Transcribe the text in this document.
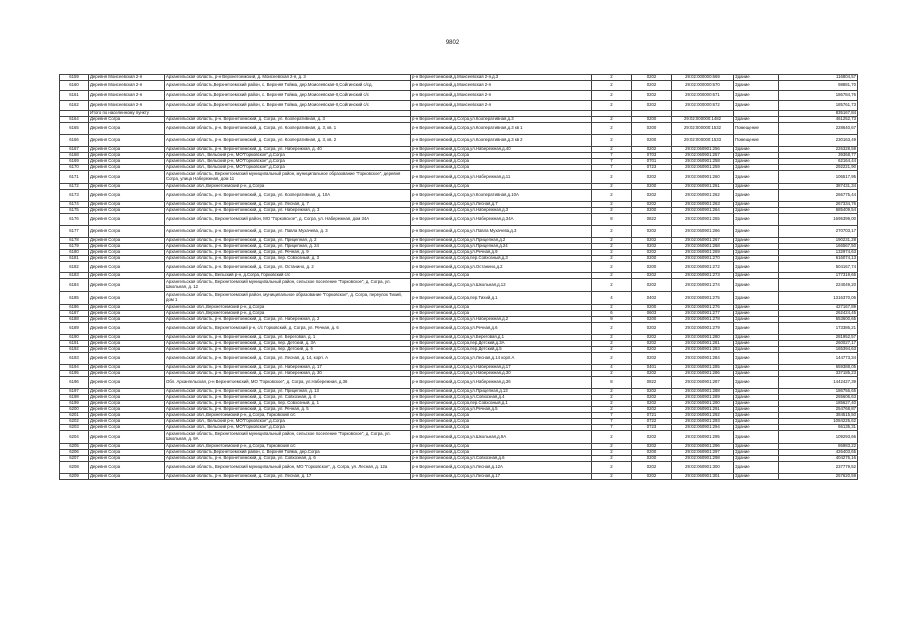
9802
6159	Деревня Моисеевская 2-я	Архангельская область, р-н Верхнетоемский, д. Моисеевская 2-я, д. 3	р-н Верхнетоемский,д.Моисеевская 2-я,д.3	2	0202	29:02:000000:669	Здание	116804,57
6160	Деревня Моисеевская 2-я	Архангельская область,Верхнетоемский район, с. Верхняя Тойма, дер.Моисеевская-II,Сойгинский с/сд.	р-н Верхнетоемский,д.Моисеевская 2-я	2	0202	29:02:000000:670	Здание	98881,70
6161	Деревня Моисеевская 2-я	Архангельская область,Верхнетоемский район, с. Верхняя Тойма, дер.Моисеевская-II,Сойгинский с/с	р-н Верхнетоемский,д.Моисеевская 2-я	2	0202	29:02:000000:671	Здание	186784,76
6162	Деревня Моисеевская 2-я	Архангельская область,Верхнетоемский район, с. Верхняя Тойма, дер.Моисеевская-II,Сойгинский с/с	р-н Верхнетоемский,д.Моисеевская 2-я	2	0202	29:02:000000:672	Здание	185761,73
	Итого по населенному пункту							835167,84
6164	Деревня Согра	Архангельская область, р-н. Верхнетоемский, д. Согра, ул. Кооперативная, д. 3	р-н Верхнетоемский,д.Согра,ул.Кооперативная,д.3	2	0200	29:02:000000:1482	Здание	461252,73
6165	Деревня Согра	Архангельская область, р-н. Верхнетоемский, д. Согра, ул. Кооперативная, д. 3, кв. 1	р-н Верхнетоемский,д.Согра,ул.Кооперативная,д.3 кв 1	2	0200	29:02:000000:1532	Помещение	228640,67
6166	Деревня Согра	Архангельская область, р-н. Верхнетоемский, д. Согра, ул. Кооперативная, д. 3, кв. 2	р-н Верхнетоемский,д.Согра,ул.Кооперативная,д.3 кв 2	2	0200	29:02:000000:1533	Помещение	230163,49
6167	Деревня Согра	Архангельская область, р-н. Верхнетоемский, д. Согра, ул. Набережная, д. 40	р-н Верхнетоемский,д.Согра,ул.Набережная,д.40	2	0202	29:02:060901:256	Здание	226328,59
6168	Деревня Согра	Архангельская обл., Вельский р-н, МО"Горковское",д.Согра	р-н Верхнетоемский,д.Согра	7	0703	29:02:060901:257	Здание	39368,77
6169	Деревня Согра	Архангельская обл., Вельский р-н, МО"Горковское",д.Согра	р-н Верхнетоемский,д.Согра	7	0701	29:02:060901:258	Здание	62164,44
6170	Деревня Согра	Архангельская обл., Вельский р-н, МО"Горковское",д.Согра	р-н Верхнетоемский,д.Согра	7	0723	29:02:060901:259	Здание	292221,90
6171	Деревня Согра	Архангельская область, Верхнетоемский муниципальный район, муниципальное образование "Горковское", деревня Согра, улица Набережная, дом 11	р-н Верхнетоемский,д.Согра,ул.Набережная,д.11	2	0202	29:02:060901:260	Здание	106517,95
6172	Деревня Согра	Архангельская обл.,Верхнетоемский р-н, д.Согра	р-н Верхнетоемский,д.Согра	2	0200	29:02:060901:261	Здание	387431,34
6173	Деревня Согра	Архангельская область, р-н. Верхнетоемский, д. Согра, ул. Кооперативная, д. 10А	р-н Верхнетоемский,д.Согра,ул.Кооперативная,д.10А	2	0202	29:02:060901:262	Здание	266775,44
6174	Деревня Согра	Архангельская область, р-н. Верхнетоемский, д. Согра, ул. Лесная, д. 7	р-н Верхнетоемский,д.Согра,ул.Лесная,д.7	2	0202	29:02:060901:263	Здание	267334,76
6175	Деревня Согра	Архангельская область, р-н. Верхнетоемский, д. Согра, ул. Набережная, д. 3	р-н Верхнетоемский,д.Согра,ул.Набережная,д.3	2	0200	29:02:060901:264	Здание	685409,54
6176	Деревня Согра	Архангельская область, Верхнетоемский район, МО "Горковское", д. Согра, ул. Набережная, дом 34А	р-н Верхнетоемский,д.Согра,ул.Набережная,д.34А	8	0822	29:02:060901:265	Здание	1695399,00
6177	Деревня Согра	Архангельская область, р-н. Верхнетоемский, д. Согра, ул. Павла Мухачева, д. 3	р-н Верхнетоемский,д.Согра,ул.Павла Мухачева,д.3	2	0202	29:02:060901:266	Здание	270703,17
6178	Деревня Согра	Архангельская область, р-н. Верхнетоемский, д. Согра, ул. Прицепная, д. 2	р-н Верхнетоемский,д.Согра,ул.Прицепная,д.2	2	0202	29:02:060901:267	Здание	190231,28
6179	Деревня Согра	Архангельская область, р-н. Верхнетоемский, д. Согра, ул. Прицепная, д. 24	р-н Верхнетоемский,д.Согра,ул.Прицепная,д.24	2	0202	29:02:060901:268	Здание	166567,50
6180	Деревня Согра	Архангельская область, р-н. Верхнетоемский, д. Согра, ул. Речная, д. 9	р-н Верхнетоемский,д.Согра,ул.Речная,д.9	2	0202	29:02:060901:269	Здание	132974,63
6181	Деревня Согра	Архангельская область, р-н. Верхнетоемский, д. Согра, пер. Совхозный, д. 3	р-н Верхнетоемский,д.Согра,пер.Совхозный,д.3	2	0200	29:02:060901:270	Здание	616074,13
6182	Деревня Согра	Архангельская область, р-н. Верхнетоемский, д. Согра, ул. Останино, д. 2	р-н Верхнетоемский,д.Согра,ул.Останино,д.2	2	0200	29:02:060901:272	Здание	504167,74
6183	Деревня Согра	Архангельская область, Вельский р-н, д.Согра, Горковский с/с	р-н Верхнетоемский,д.Согра	2	0202	29:02:060901:273	Здание	177319,65
6184	Деревня Согра	Архангельская область, Верхнетоемский муниципальный район, сельское поселение "Горковское", д. Согра, ул. Школьная, д. 12	р-н Верхнетоемский,д.Согра,ул.Школьная,д.12	2	0202	29:02:060901:274	Здание	224049,20
6185	Деревня Согра	Архангельская область, Верхнетоемский район, муниципальное образование "Горковское", д. Согра, переулок Тихий, дом 1	р-н Верхнетоемский,д.Согра,пер.Тихий,д.1	4	0402	29:02:060901:275	Здание	1316370,06
6186	Деревня Согра	Архангельская обл.,Верхнетоемский р-н, д.Согра	р-н Верхнетоемский,д.Согра	2	0200	29:02:060901:276	Здание	427167,89
6187	Деревня Согра	Архангельская обл.,Верхнетоемский р-н, д.Согра	р-н Верхнетоемский,д.Согра	6	0603	29:02:060901:277	Здание	262424,45
6188	Деревня Согра	Архангельская область, р-н. Верхнетоемский, д. Согра, ул. Набережная, д. 2	р-н Верхнетоемский,д.Согра,ул.Набережная,д.2	9	0200	29:02:060901:278	Здание	653600,65
6189	Деревня Согра	Архангельская область, Верхнетоемский р-н, с/с Горковский, д. Согра, ул. Речная, д. 6	р-н Верхнетоемский,д.Согра,ул.Речная,д.6	2	0202	29:02:060901:279	Здание	173386,21
6190	Деревня Согра	Архангельская область, р-н. Верхнетоемский, д. Согра, ул. Береговая, д. 1	р-н Верхнетоемский,д.Согра,ул.Береговая,д.1	2	0202	29:02:060901:280	Здание	281952,57
6191	Деревня Согра	Архангельская область, р-н. Верхнетоемский, д. Согра, пер. Детский, д. 3А	р-н Верхнетоемский,д.Согра,пер.Детский,д.3А	2	0202	29:02:060901:281	Здание	260027,17
6192	Деревня Согра	Архангельская область, р-н. Верхнетоемский, д. Согра, пер. Детский, д. 5	р-н Верхнетоемский,д.Согра,пер.Детский,д.5	2	0202	29:02:060901:283	Здание	165394,63
6193	Деревня Согра	Архангельская область, р-н. Верхнетоемский, д. Согра, ул. Лесная, д. 14, корп. А	р-н Верхнетоемский,д.Согра,ул.Лесная,д.14 корп.А	2	0202	29:02:060901:284	Здание	144773,34
6194	Деревня Согра	Архангельская область, р-н. Верхнетоемский, д. Согра, ул. Набережная, д. 17	р-н Верхнетоемский,д.Согра,ул.Набережная,д.17	4	0401	29:02:060901:285	Здание	659388,05
6195	Деревня Согра	Архангельская область, р-н. Верхнетоемский, д. Согра, ул. Набережная, д. 30	р-н Верхнетоемский,д.Согра,ул.Набережная,д.30	2	0202	29:02:060901:286	Здание	337185,23
6196	Деревня Согра	Обл. Архангельская, р-н Верхнетоемский, МО "Горковское", д. Согра, ул.Набережная, д.36	р-н Верхнетоемский,д.Согра,ул.Набережная,д.36	8	0822	29:02:060901:287	Здание	1442427,39
6197	Деревня Согра	Архангельская область, р-н. Верхнетоемский, д. Согра, ул. Прицепная, д. 13	р-н Верхнетоемский,д.Согра,ул.Прицепная,д.13	2	0202	29:02:060901:288	Здание	186756,65
6198	Деревня Согра	Архангельская область, р-н. Верхнетоемский, д. Согра, ул. Совхозная, д. 4	р-н Верхнетоемский,д.Согра,ул.Совхозная,д.4	2	0202	29:02:060901:289	Здание	265606,63
6199	Деревня Согра	Архангельская область, р-н. Верхнетоемский, д. Согра, пер. Совхозный, д. 1	р-н Верхнетоемский,д.Согра,пер.Совхозный,д.1	2	0202	29:02:060901:290	Здание	185627,40
6200	Деревня Согра	Архангельская область, р-н. Верхнетоемский, д. Согра, ул. Речная, д. 5	р-н Верхнетоемский,д.Согра,ул.Речная,д.5	2	0202	29:02:060901:291	Здание	254768,87
6201	Деревня Согра	Архангельская обл.,Верхнетоемский р-н, д.Согра, Горковский с/с	р-н Верхнетоемский,д.Согра	7	0721	29:02:060901:292	Здание	384515,50
6202	Деревня Согра	Архангельская обл., Вельский р-н, МО"Горковское",д.Согра	р-н Верхнетоемский,д.Согра	7	0722	29:02:060901:293	Здание	1084225,62
6203	Деревня Согра	Архангельская обл., Вельский р-н, МО"Горковское",д.Согра	р-н Верхнетоемский,д.Согра	7	0723	29:02:060901:294	Здание	66135,31
6204	Деревня Согра	Архангельская область, Верхнетоемский муниципальный район, сельское поселение "Горковское", д. Согра, ул. Школьная, д. 9А	р-н Верхнетоемский,д.Согра,ул.Школьная,д.9А	2	0202	29:02:060901:295	Здание	109293,66
6205	Деревня Согра	Архангельская обл.,Верхнетоемский р-н, д.Согра, Горковский с/с	р-н Верхнетоемский,д.Согра	2	0202	29:02:060901:296	Здание	86983,22
6206	Деревня Согра	Архангельская область,Верхнетоемский район, с. Верхняя Тойма, дер.Согра	р-н Верхнетоемский,д.Согра	2	0200	29:02:060901:297	Здание	426403,65
6207	Деревня Согра	Архангельская область, р-н. Верхнетоемский, д. Согра, ул. Совхозная, д. 6	р-н Верхнетоемский,д.Согра,ул.Совхозная,д.6	2	0200	29:02:060901:298	Здание	404276,16
6208	Деревня Согра	Архангельская область, Верхнетоемский муниципальный район, МО "Горковское", д. Согра, ул. Лесная, д. 12а	р-н Верхнетоемский,д.Согра,ул.Лесная,д.12А	2	0202	29:02:060901:300	Здание	237779,52
6209	Деревня Согра	Архангельская область, р-н. Верхнетоемский, д. Согра, ул. Лесная, д. 17	р-н Верхнетоемский,д.Согра,ул.Лесная,д.17	2	0202	29:02:060901:301	Здание	257620,59
